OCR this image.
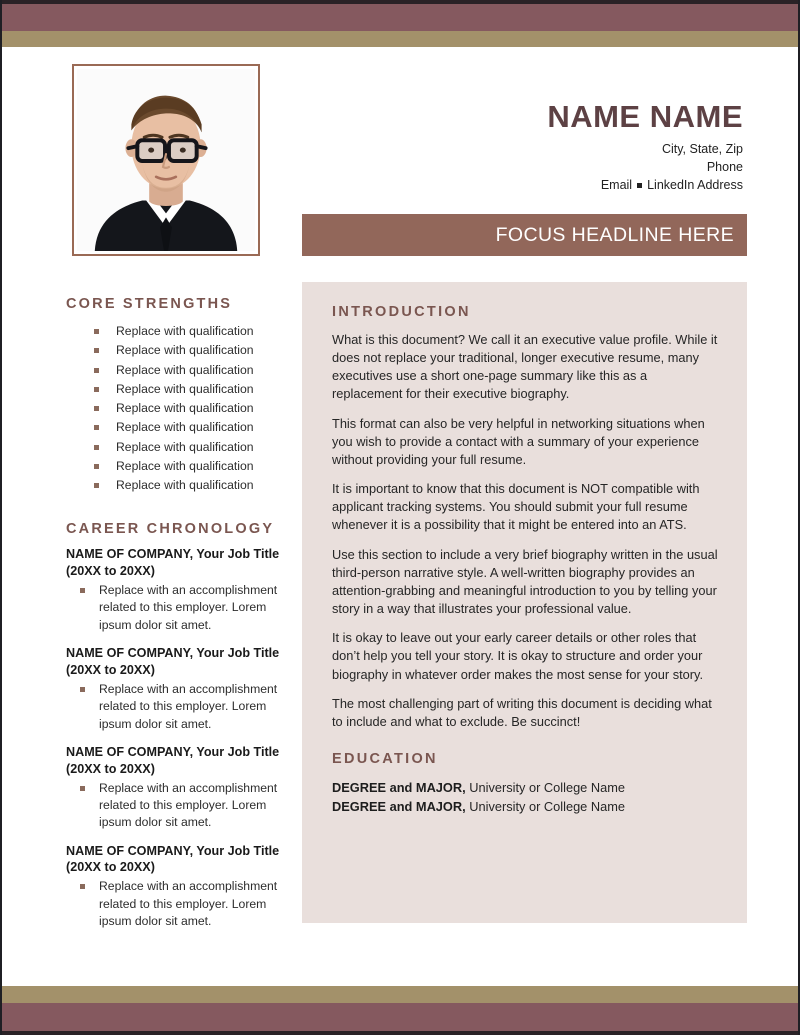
NAME NAME
City, State, Zip
Phone
Email LinkedIn Address
FOCUS HEADLINE HERE
CORE STRENGTHS
Replace with qualification
Replace with qualification
Replace with qualification
Replace with qualification
Replace with qualification
Replace with qualification
Replace with qualification
Replace with qualification
Replace with qualification
CAREER CHRONOLOGY
NAME OF COMPANY, Your Job Title (20XX to 20XX)
Replace with an accomplishment related to this employer. Lorem ipsum dolor sit amet.
NAME OF COMPANY, Your Job Title (20XX to 20XX)
Replace with an accomplishment related to this employer. Lorem ipsum dolor sit amet.
NAME OF COMPANY, Your Job Title (20XX to 20XX)
Replace with an accomplishment related to this employer. Lorem ipsum dolor sit amet.
NAME OF COMPANY, Your Job Title (20XX to 20XX)
Replace with an accomplishment related to this employer. Lorem ipsum dolor sit amet.
INTRODUCTION

What is this document? We call it an executive value profile. While it does not replace your traditional, longer executive resume, many executives use a short one-page summary like this as a replacement for their executive biography.

This format can also be very helpful in networking situations when you wish to provide a contact with a summary of your experience without providing your full resume.

It is important to know that this document is NOT compatible with applicant tracking systems. You should submit your full resume whenever it is a possibility that it might be entered into an ATS.

Use this section to include a very brief biography written in the usual third-person narrative style. A well-written biography provides an attention-grabbing and meaningful introduction to you by telling your story in a way that illustrates your professional value.

It is okay to leave out your early career details or other roles that don’t help you tell your story. It is okay to structure and order your biography in whatever order makes the most sense for your story.

The most challenging part of writing this document is deciding what to include and what to exclude. Be succinct!

EDUCATION
DEGREE and MAJOR, University or College Name
DEGREE and MAJOR, University or College Name
